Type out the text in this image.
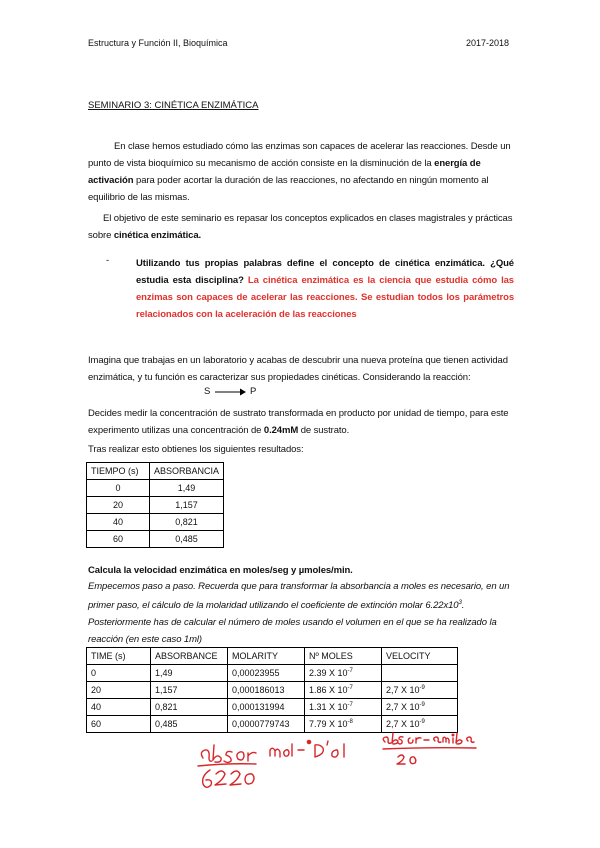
Estructura y Función II, Bioquímica	2017-2018
SEMINARIO 3: CINÉTICA ENZIMÁTICA
En clase hemos estudiado cómo las enzimas son capaces de acelerar las reacciones. Desde un punto de vista bioquímico su mecanismo de acción consiste en la disminución de la energía de activación para poder acortar la duración de las reacciones, no afectando en ningún momento al equilibrio de las mismas.
El objetivo de este seminario es repasar los conceptos explicados en clases magistrales y prácticas sobre cinética enzimática.
-	Utilizando tus propias palabras define el concepto de cinética enzimática. ¿Qué estudia esta disciplina? La cinética enzimática es la ciencia que estudia cómo las enzimas son capaces de acelerar las reacciones. Se estudian todos los parámetros relacionados con la aceleración de las reacciones
Imagina que trabajas en un laboratorio y acabas de descubrir una nueva proteína que tienen actividad enzimática, y tu función es caracterizar sus propiedades cinéticas. Considerando la reacción:
S	P
Decides medir la concentración de sustrato transformada en producto por unidad de tiempo, para este experimento utilizas una concentración de 0.24mM de sustrato.
Tras realizar esto obtienes los siguientes resultados:
TIEMPO (s)	ABSORBANCIA
0	1,49
20	1,157
40	0,821
60	0,485
Calcula la velocidad enzimática en moles/seg y µmoles/min.
Empecemos paso a paso. Recuerda que para transformar la absorbancia a moles es necesario, en un primer paso, el cálculo de la molaridad utilizando el coeficiente de extinción molar $6.22x10^3$. Posteriormente has de calcular el número de moles usando el volumen en el que se ha realizado la reacción (en este caso 1ml)
TIME (s)	ABSORBANCE	MOLARITY	Nº MOLES	VELOCITY
0	1,49	0,00023955	2.39 X $10^{-7}$	
20	1,157	0,000186013	1.86 X $10^{-7}$	2,7 X $10^{-9}$
40	0,821	0,000131994	1.31 X $10^{-7}$	2,7 X $10^{-9}$
60	0,485	0,0000779743	7.79 X $10^{-8}$	2,7 X $10^{-9}$
